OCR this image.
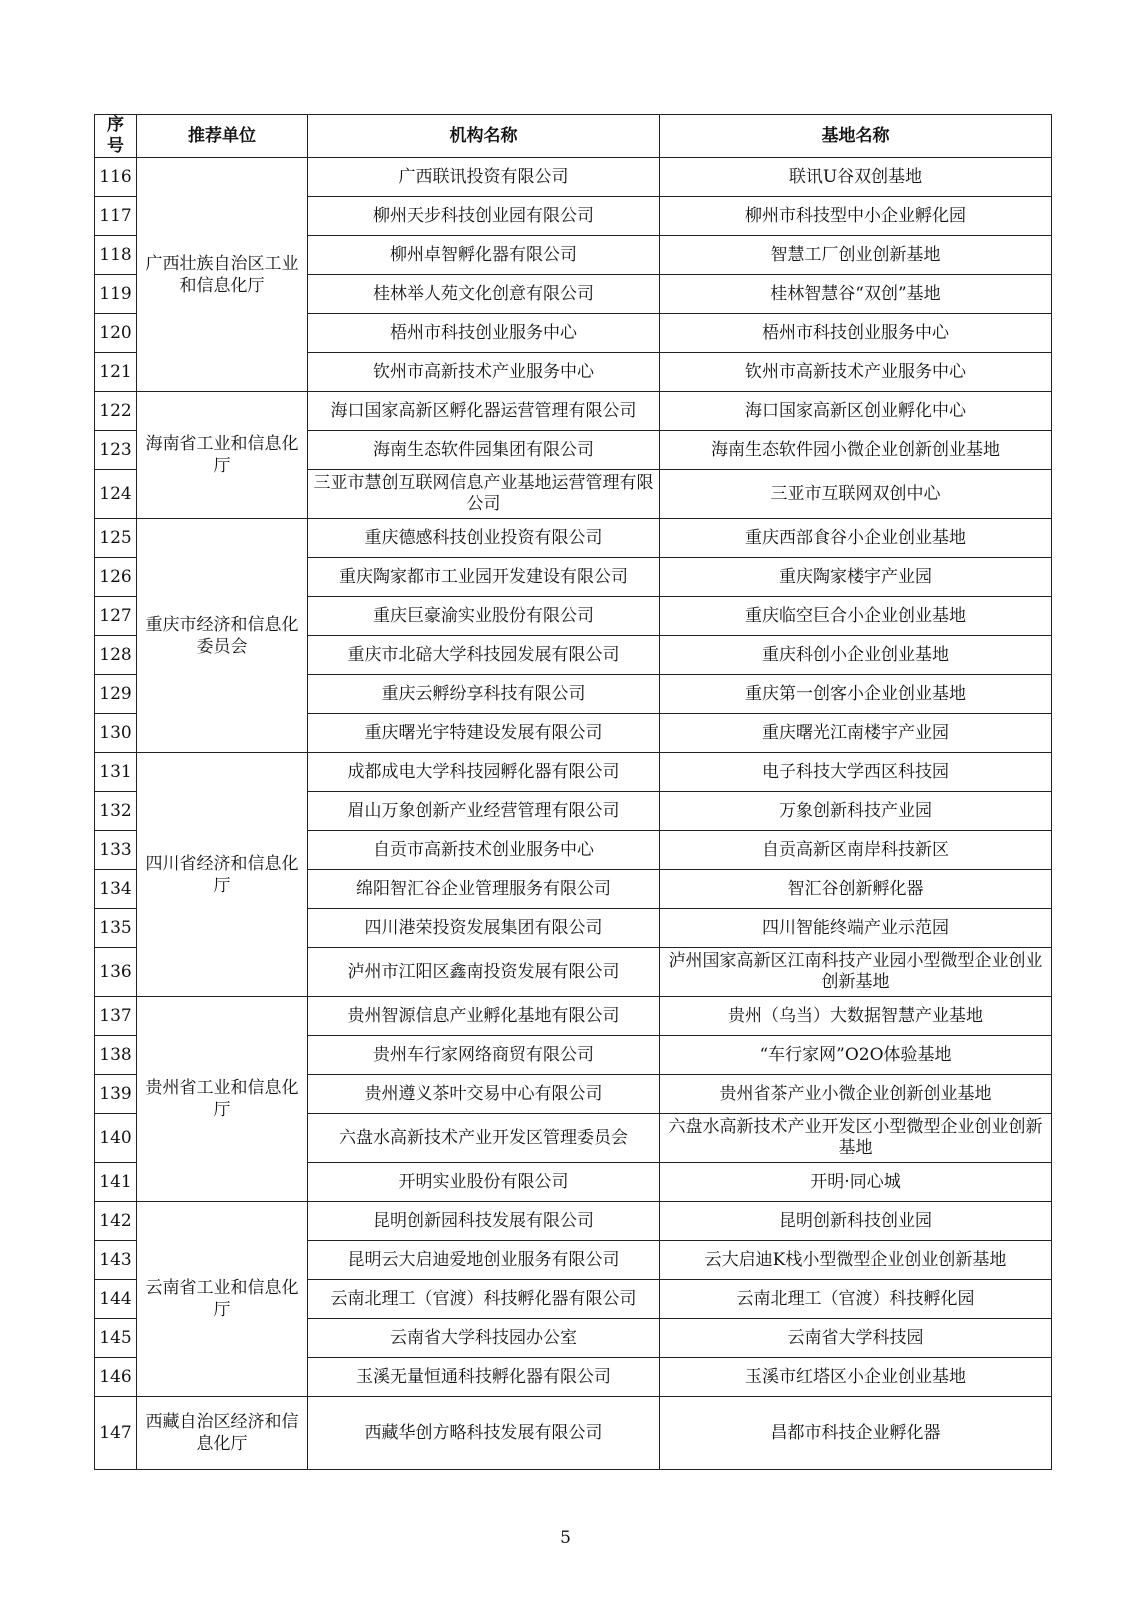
序号	推荐单位	机构名称	基地名称
116	广西壮族自治区工业和信息化厅	广西联讯投资有限公司	联讯U谷双创基地
117		柳州天步科技创业园有限公司	柳州市科技型中小企业孵化园
118		柳州卓智孵化器有限公司	智慧工厂创业创新基地
119		桂林举人苑文化创意有限公司	桂林智慧谷“双创”基地
120		梧州市科技创业服务中心	梧州市科技创业服务中心
121		钦州市高新技术产业服务中心	钦州市高新技术产业服务中心
122	海南省工业和信息化厅	海口国家高新区孵化器运营管理有限公司	海口国家高新区创业孵化中心
123		海南生态软件园集团有限公司	海南生态软件园小微企业创新创业基地
124		三亚市慧创互联网信息产业基地运营管理有限公司	三亚市互联网双创中心
125	重庆市经济和信息化委员会	重庆德感科技创业投资有限公司	重庆西部食谷小企业创业基地
126		重庆陶家都市工业园开发建设有限公司	重庆陶家楼宇产业园
127		重庆巨豪渝实业股份有限公司	重庆临空巨合小企业创业基地
128		重庆市北碚大学科技园发展有限公司	重庆科创小企业创业基地
129		重庆云孵纷享科技有限公司	重庆第一创客小企业创业基地
130		重庆曙光宇特建设发展有限公司	重庆曙光江南楼宇产业园
131	四川省经济和信息化厅	成都成电大学科技园孵化器有限公司	电子科技大学西区科技园
132		眉山万象创新产业经营管理有限公司	万象创新科技产业园
133		自贡市高新技术创业服务中心	自贡高新区南岸科技新区
134		绵阳智汇谷企业管理服务有限公司	智汇谷创新孵化器
135		四川港荣投资发展集团有限公司	四川智能终端产业示范园
136		泸州市江阳区鑫南投资发展有限公司	泸州国家高新区江南科技产业园小型微型企业创业创新基地
137	贵州省工业和信息化厅	贵州智源信息产业孵化基地有限公司	贵州（乌当）大数据智慧产业基地
138		贵州车行家网络商贸有限公司	“车行家网”O2O体验基地
139		贵州遵义茶叶交易中心有限公司	贵州省茶产业小微企业创新创业基地
140		六盘水高新技术产业开发区管理委员会	六盘水高新技术产业开发区小型微型企业创业创新基地
141		开明实业股份有限公司	开明·同心城
142	云南省工业和信息化厅	昆明创新园科技发展有限公司	昆明创新科技创业园
143		昆明云大启迪爱地创业服务有限公司	云大启迪K栈小型微型企业创业创新基地
144		云南北理工（官渡）科技孵化器有限公司	云南北理工（官渡）科技孵化园
145		云南省大学科技园办公室	云南省大学科技园
146		玉溪无量恒通科技孵化器有限公司	玉溪市红塔区小企业创业基地
147	西藏自治区经济和信息化厅	西藏华创方略科技发展有限公司	昌都市科技企业孵化器
5
